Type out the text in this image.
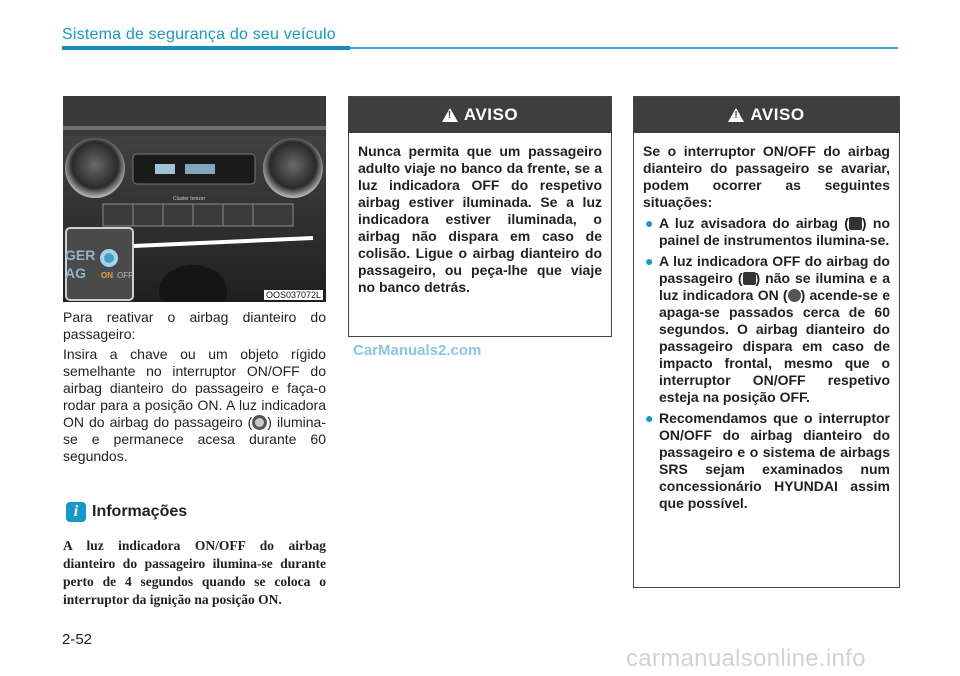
Sistema de segurança do seu veículo
Cluster Ionizer
GER
AG ON OFF
OOS037072L
Para reativar o airbag dianteiro do passageiro:
Insira a chave ou um objeto rígido semelhante no interruptor ON/OFF do airbag dianteiro do passageiro e faça-o rodar para a posição ON. A luz indicadora ON do airbag do passageiro ( ) ilumina-se e permanece acesa durante 60 segundos.
i Informações
A luz indicadora ON/OFF do airbag dianteiro do passageiro ilumina-se durante perto de 4 segundos quando se coloca o interruptor da ignição na posição ON.
!
AVISO
Nunca permita que um passageiro adulto viaje no banco da frente, se a luz indicadora OFF do respetivo airbag estiver iluminada. Se a luz indicadora estiver iluminada, o airbag não dispara em caso de colisão. Ligue o airbag dianteiro do passageiro, ou peça-lhe que viaje no banco detrás.
!
AVISO
Se o interruptor ON/OFF do airbag dianteiro do passageiro se avariar, podem ocorrer as seguintes situações:
● A luz avisadora do airbag ( ) no painel de instrumentos ilumina-se.
● A luz indicadora OFF do airbag do passageiro ( ) não se ilumina e a luz indicadora ON ( ) acende-se e apaga-se passados cerca de 60 segundos. O airbag dianteiro do passageiro dispara em caso de impacto frontal, mesmo que o interruptor ON/OFF respetivo esteja na posição OFF.
● Recomendamos que o interruptor ON/OFF do airbag dianteiro do passageiro e o sistema de airbags SRS sejam examinados num concessionário HYUNDAI assim que possível.
CarManuals2.com
2-52
carmanualsonline.info
